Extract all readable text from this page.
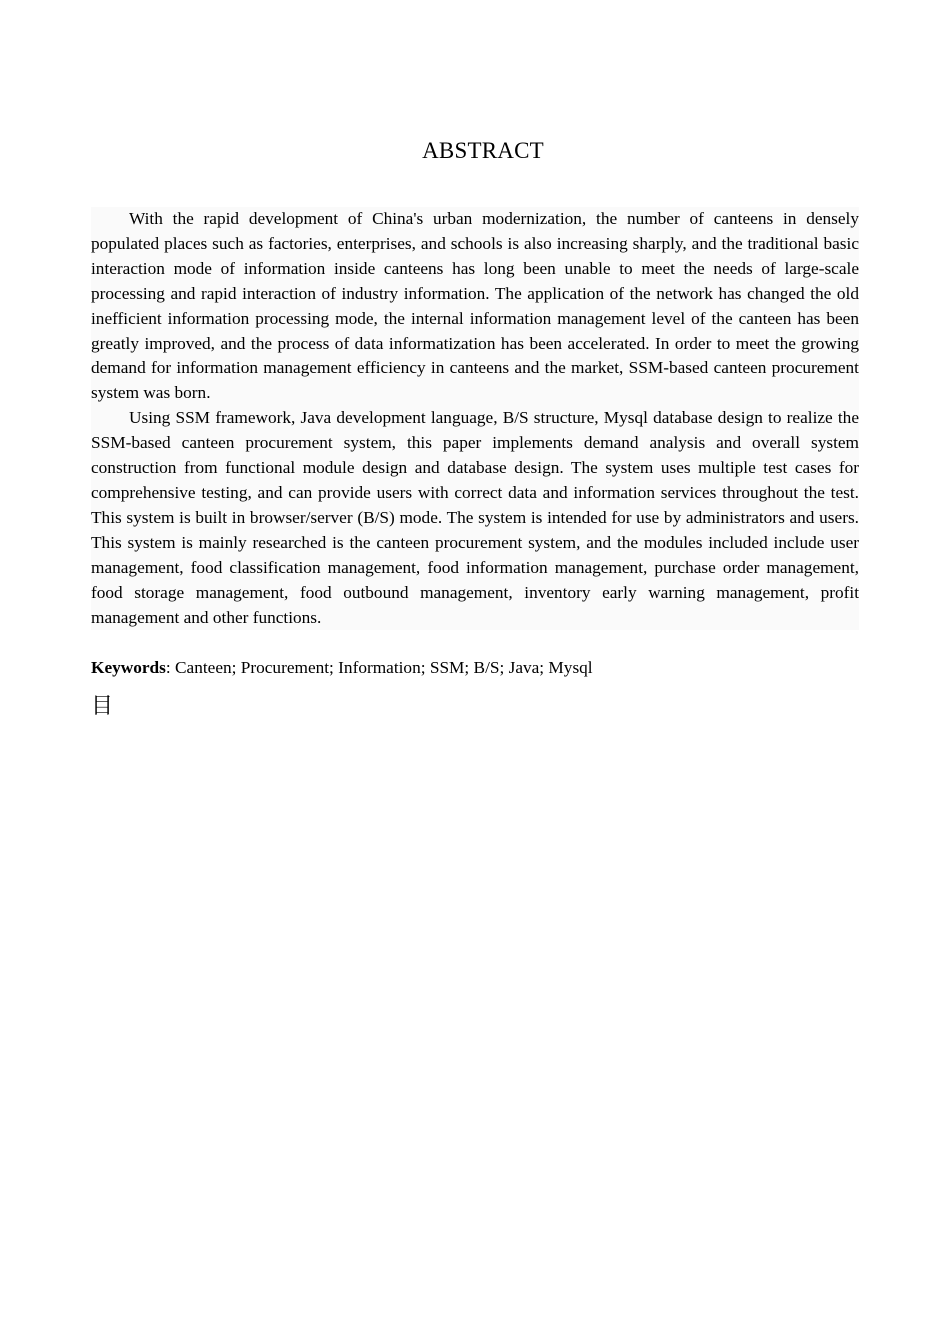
ABSTRACT

With the rapid development of China's urban modernization, the number of canteens in densely populated places such as factories, enterprises, and schools is also increasing sharply, and the traditional basic interaction mode of information inside canteens has long been unable to meet the needs of large-scale processing and rapid interaction of industry information. The application of the network has changed the old inefficient information processing mode, the internal information management level of the canteen has been greatly improved, and the process of data informatization has been accelerated. In order to meet the growing demand for information management efficiency in canteens and the market, SSM-based canteen procurement system was born.

Using SSM framework, Java development language, B/S structure, Mysql database design to realize the SSM-based canteen procurement system, this paper implements demand analysis and overall system construction from functional module design and database design. The system uses multiple test cases for comprehensive testing, and can provide users with correct data and information services throughout the test. This system is built in browser/server (B/S) mode. The system is intended for use by administrators and users. This system is mainly researched is the canteen procurement system, and the modules included include user management, food classification management, food information management, purchase order management, food storage management, food outbound management, inventory early warning management, profit management and other functions.

Keywords: Canteen; Procurement; Information; SSM; B/S; Java; Mysql
目
